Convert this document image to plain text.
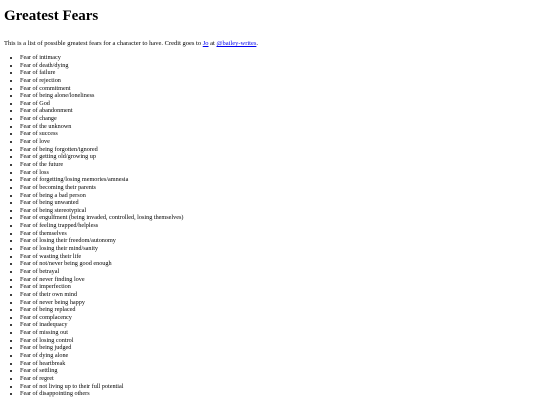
Greatest Fears

This is a list of possible greatest fears for a character to have. Credit goes to Jo at @bailey-writes.

• Fear of intimacy
• Fear of death/dying
• Fear of failure
• Fear of rejection
• Fear of commitment
• Fear of being alone/loneliness
• Fear of God
• Fear of abandonment
• Fear of change
• Fear of the unknown
• Fear of success
• Fear of love
• Fear of being forgotten/ignored
• Fear of getting old/growing up
• Fear of the future
• Fear of loss
• Fear of forgetting/losing memories/amnesia
• Fear of becoming their parents
• Fear of being a bad person
• Fear of being unwanted
• Fear of being stereotypical
• Fear of engulfment (being invaded, controlled, losing themselves)
• Fear of feeling trapped/helpless
• Fear of themselves
• Fear of losing their freedom/autonomy
• Fear of losing their mind/sanity
• Fear of wasting their life
• Fear of not/never being good enough
• Fear of betrayal
• Fear of never finding love
• Fear of imperfection
• Fear of their own mind
• Fear of never being happy
• Fear of being replaced
• Fear of complacency
• Fear of inadequacy
• Fear of missing out
• Fear of losing control
• Fear of being judged
• Fear of dying alone
• Fear of heartbreak
• Fear of settling
• Fear of regret
• Fear of not living up to their full potential
• Fear of disappointing others
